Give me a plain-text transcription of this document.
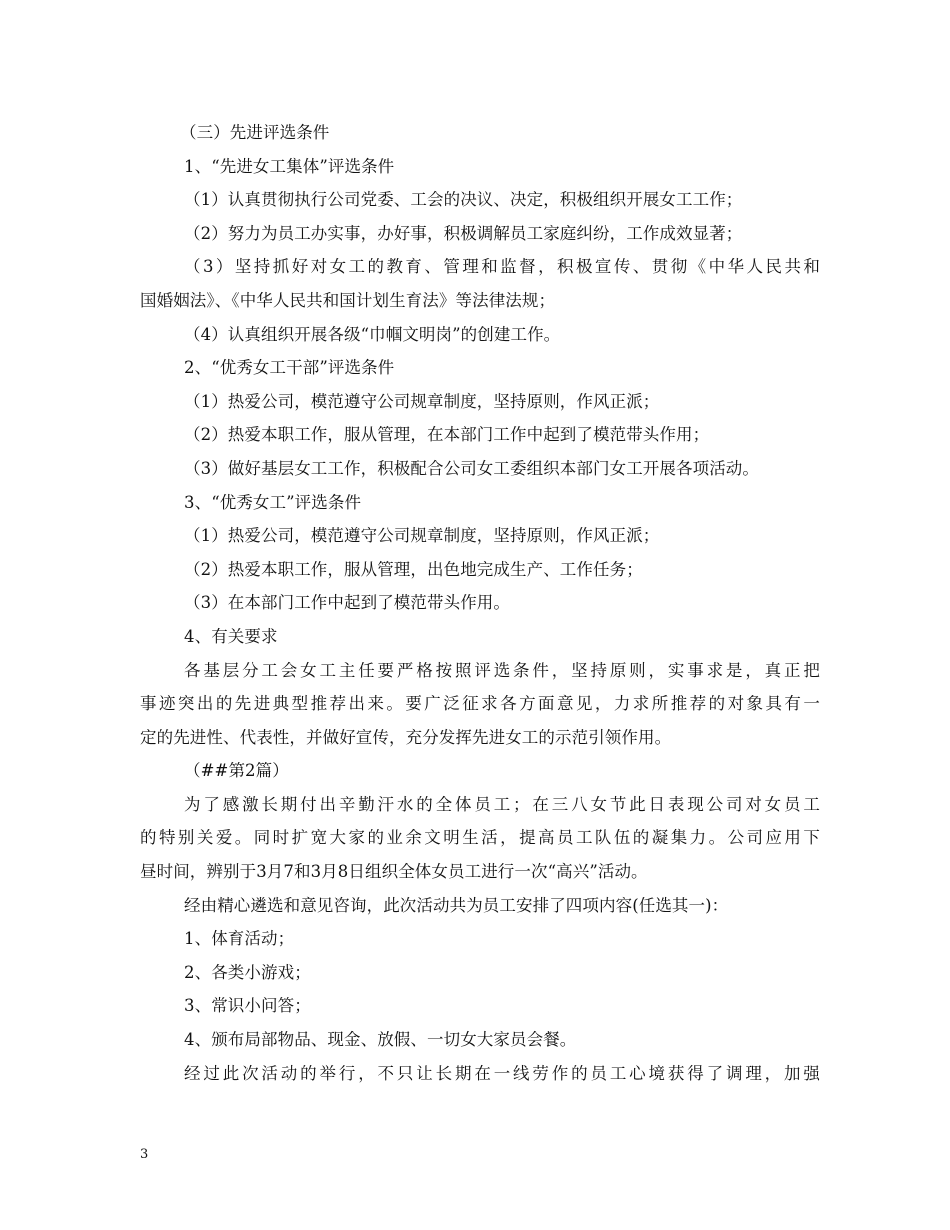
（三）先进评选条件
1、“先进女工集体”评选条件
（1）认真贯彻执行公司党委、工会的决议、决定，积极组织开展女工工作；
（2）努力为员工办实事，办好事，积极调解员工家庭纠纷，工作成效显著；
（3）坚持抓好对女工的教育、管理和监督，积极宣传、贯彻《中华人民共和
国婚姻法》、《中华人民共和国计划生育法》等法律法规；
（4）认真组织开展各级“巾帼文明岗”的创建工作。
2、“优秀女工干部”评选条件
（1）热爱公司，模范遵守公司规章制度，坚持原则，作风正派；
（2）热爱本职工作，服从管理，在本部门工作中起到了模范带头作用；
（3）做好基层女工工作，积极配合公司女工委组织本部门女工开展各项活动。
3、“优秀女工”评选条件
（1）热爱公司，模范遵守公司规章制度，坚持原则，作风正派；
（2）热爱本职工作，服从管理，出色地完成生产、工作任务；
（3）在本部门工作中起到了模范带头作用。
4、有关要求
各基层分工会女工主任要严格按照评选条件，坚持原则，实事求是，真正把
事迹突出的先进典型推荐出来。要广泛征求各方面意见，力求所推荐的对象具有一
定的先进性、代表性，并做好宣传，充分发挥先进女工的示范引领作用。
（##第2篇）
为了感激长期付出辛勤汗水的全体员工；在三八女节此日表现公司对女员工
的特别关爱。同时扩宽大家的业余文明生活，提高员工队伍的凝集力。公司应用下
昼时间，辨别于3月7和3月8日组织全体女员工进行一次“高兴”活动。
经由精心遴选和意见咨询，此次活动共为员工安排了四项内容(任选其一)：
1、体育活动；
2、各类小游戏；
3、常识小问答；
4、颁布局部物品、现金、放假、一切女大家员会餐。
经过此次活动的举行，不只让长期在一线劳作的员工心境获得了调理，加强
3
